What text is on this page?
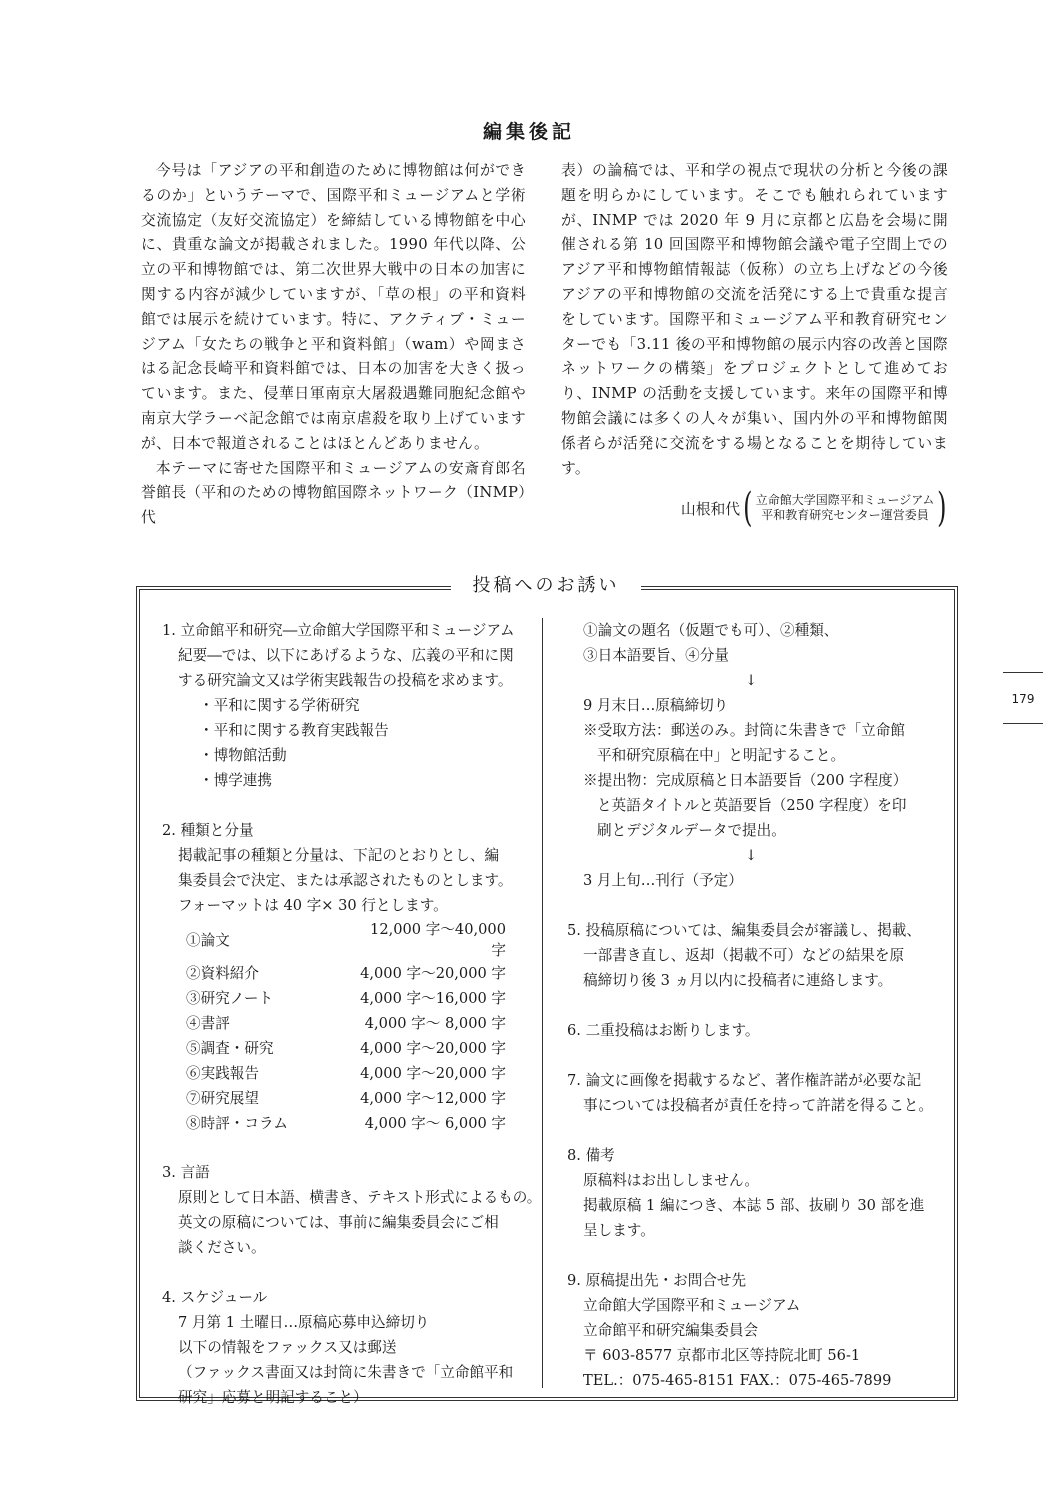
編集後記

今号は「アジアの平和創造のために博物館は何ができるのか」というテーマで、国際平和ミュージアムと学術交流協定（友好交流協定）を締結している博物館を中心に、貴重な論文が掲載されました。1990 年代以降、公立の平和博物館では、第二次世界大戦中の日本の加害に関する内容が減少していますが、「草の根」の平和資料館では展示を続けています。特に、アクティブ・ミュージアム「女たちの戦争と平和資料館」（wam）や岡まさはる記念長崎平和資料館では、日本の加害を大きく扱っています。また、侵華日軍南京大屠殺遇難同胞紀念館や南京大学ラーベ記念館では南京虐殺を取り上げていますが、日本で報道されることはほとんどありません。

本テーマに寄せた国際平和ミュージアムの安斎育郎名誉館長（平和のための博物館国際ネットワーク（INMP）代

表）の論稿では、平和学の視点で現状の分析と今後の課題を明らかにしています。そこでも触れられていますが、INMP では 2020 年 9 月に京都と広島を会場に開催される第 10 回国際平和博物館会議や電子空間上でのアジア平和博物館情報誌（仮称）の立ち上げなどの今後アジアの平和博物館の交流を活発にする上で貴重な提言をしています。国際平和ミュージアム平和教育研究センターでも「3.11 後の平和博物館の展示内容の改善と国際ネットワークの構築」をプロジェクトとして進めており、INMP の活動を支援しています。来年の国際平和博物館会議には多くの人々が集い、国内外の平和博物館関係者らが活発に交流をする場となることを期待しています。

山根和代 ( 立命館大学国際平和ミュージアム
平和教育研究センター運営委員 )
投稿へのお誘い
1. 立命館平和研究―立命館大学国際平和ミュージアム
紀要―では、以下にあげるような、広義の平和に関
する研究論文又は学術実践報告の投稿を求めます。
・平和に関する学術研究
・平和に関する教育実践報告
・博物館活動
・博学連携
2. 種類と分量
掲載記事の種類と分量は、下記のとおりとし、編
集委員会で決定、または承認されたものとします。
フォーマットは 40 字× 30 行とします。
①論文	12,000 字～40,000 字
②資料紹介	4,000 字～20,000 字
③研究ノート	4,000 字～16,000 字
④書評	4,000 字～ 8,000 字
⑤調査・研究	4,000 字～20,000 字
⑥実践報告	4,000 字～20,000 字
⑦研究展望	4,000 字～12,000 字
⑧時評・コラム	4,000 字～ 6,000 字
3. 言語
原則として日本語、横書き、テキスト形式によるもの。
英文の原稿については、事前に編集委員会にご相
談ください。
4. スケジュール
7 月第 1 土曜日…原稿応募申込締切り
以下の情報をファックス又は郵送
（ファックス書面又は封筒に朱書きで「立命館平和
研究」応募と明記すること）
①論文の題名（仮題でも可）、②種類、
③日本語要旨、④分量
↓
9 月末日…原稿締切り
※受取方法：郵送のみ。封筒に朱書きで「立命館
平和研究原稿在中」と明記すること。
※提出物：完成原稿と日本語要旨（200 字程度）
と英語タイトルと英語要旨（250 字程度）を印
刷とデジタルデータで提出。
↓
3 月上旬…刊行（予定）
5. 投稿原稿については、編集委員会が審議し、掲載、
一部書き直し、返却（掲載不可）などの結果を原
稿締切り後 3 ヵ月以内に投稿者に連絡します。
6. 二重投稿はお断りします。
7. 論文に画像を掲載するなど、著作権許諾が必要な記
事については投稿者が責任を持って許諾を得ること。
8. 備考
原稿料はお出ししません。
掲載原稿 1 編につき、本誌 5 部、抜刷り 30 部を進
呈します。
9. 原稿提出先・お問合せ先
立命館大学国際平和ミュージアム
立命館平和研究編集委員会
〒 603-8577 京都市北区等持院北町 56-1
TEL.：075-465-8151 FAX.：075-465-7899
179
